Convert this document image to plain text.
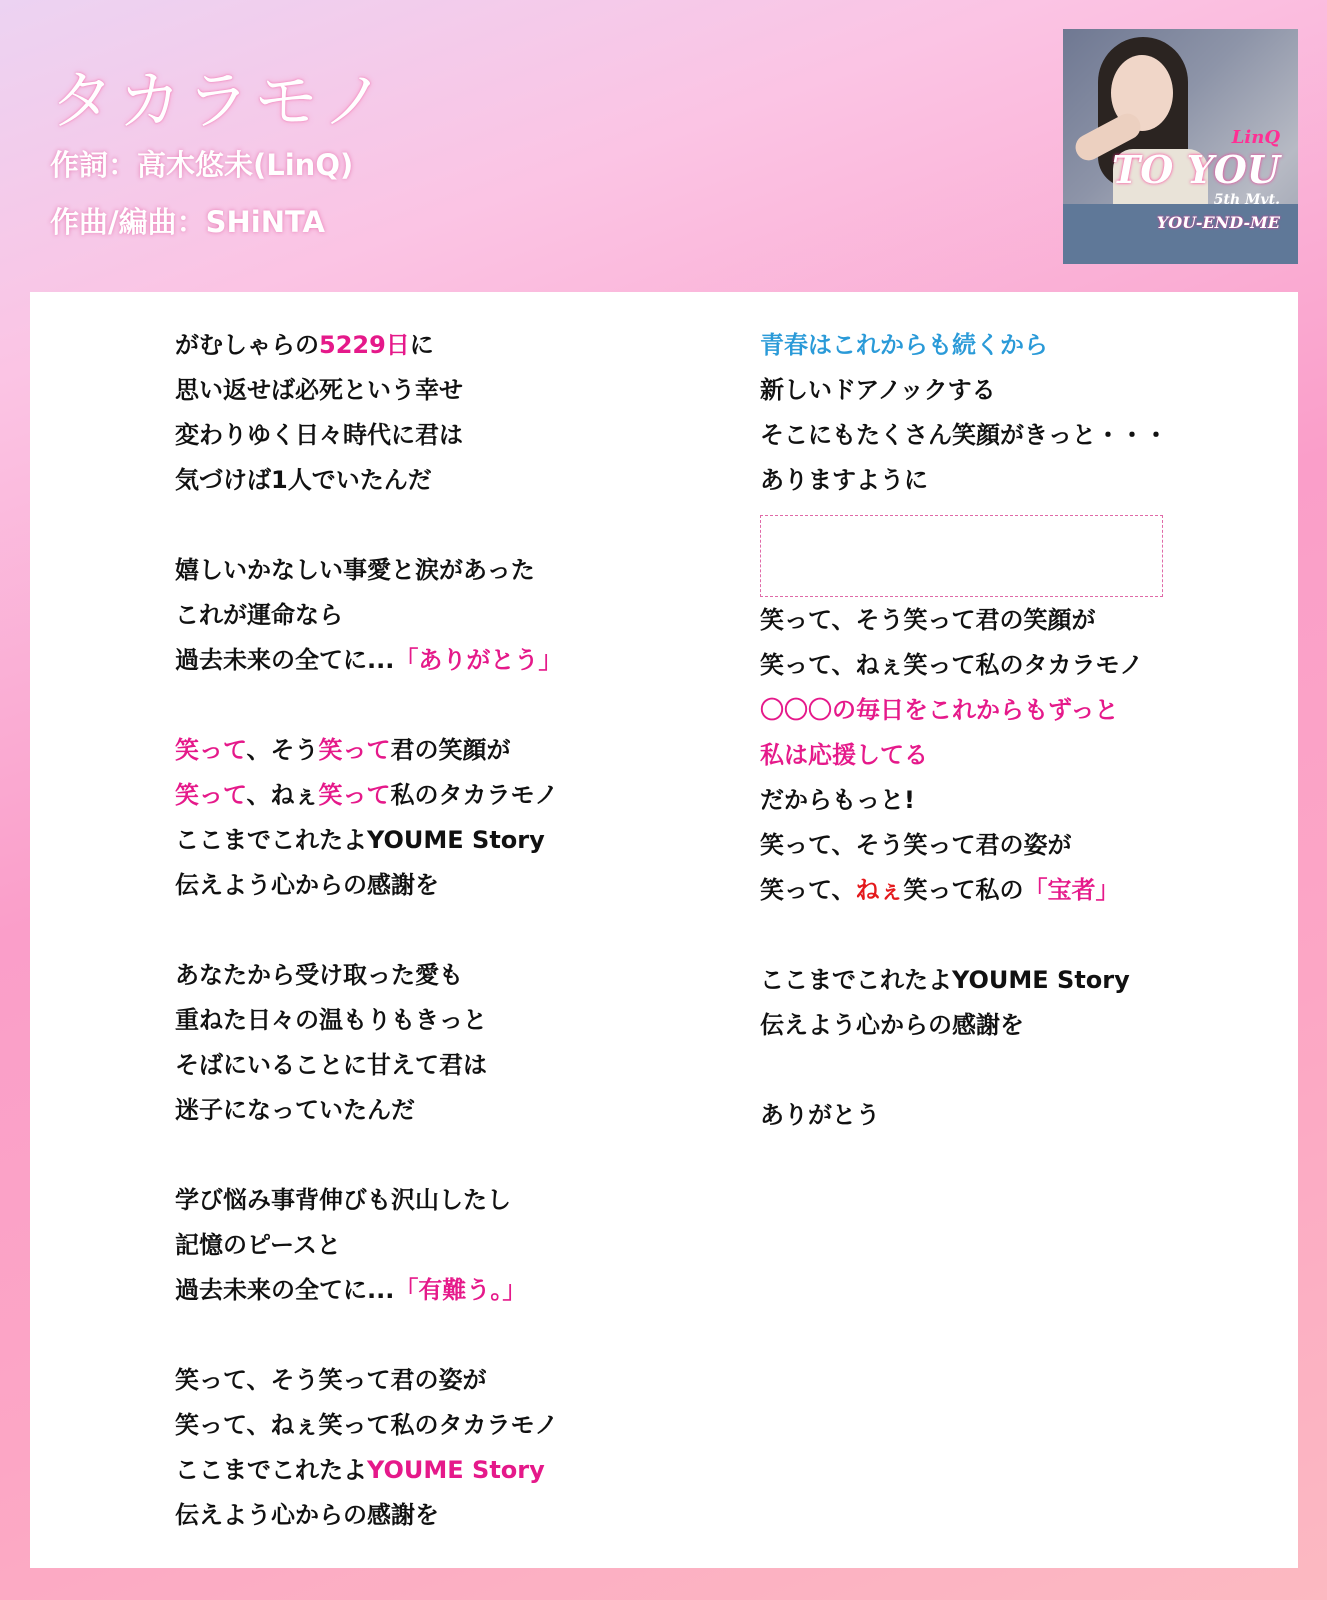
タカラモノ
作詞：高木悠未(LinQ)
作曲/編曲：SHiNTA
LinQ
TO YOU
5th Mvt.
YOU-END-ME
がむしゃらの5229日に
思い返せば必死という幸せ
変わりゆく日々時代に君は
気づけば1人でいたんだ
嬉しいかなしい事愛と涙があった
これが運命なら
過去未来の全てに...「ありがとう」
笑って、そう笑って君の笑顔が
笑って、ねぇ笑って私のタカラモノ
ここまでこれたよYOUME Story
伝えよう心からの感謝を
あなたから受け取った愛も
重ねた日々の温もりもきっと
そばにいることに甘えて君は
迷子になっていたんだ
学び悩み事背伸びも沢山したし
記憶のピースと
過去未来の全てに...「有難う。」
笑って、そう笑って君の姿が
笑って、ねぇ笑って私のタカラモノ
ここまでこれたよYOUME Story
伝えよう心からの感謝を
青春はこれからも続くから
新しいドアノックする
そこにもたくさん笑顔がきっと・・・
ありますように
笑って、そう笑って君の笑顔が
笑って、ねぇ笑って私のタカラモノ
〇〇〇の毎日をこれからもずっと
私は応援してる
だからもっと!
笑って、そう笑って君の姿が
笑って、ねぇ笑って私の「宝者」
ここまでこれたよYOUME Story
伝えよう心からの感謝を
ありがとう
